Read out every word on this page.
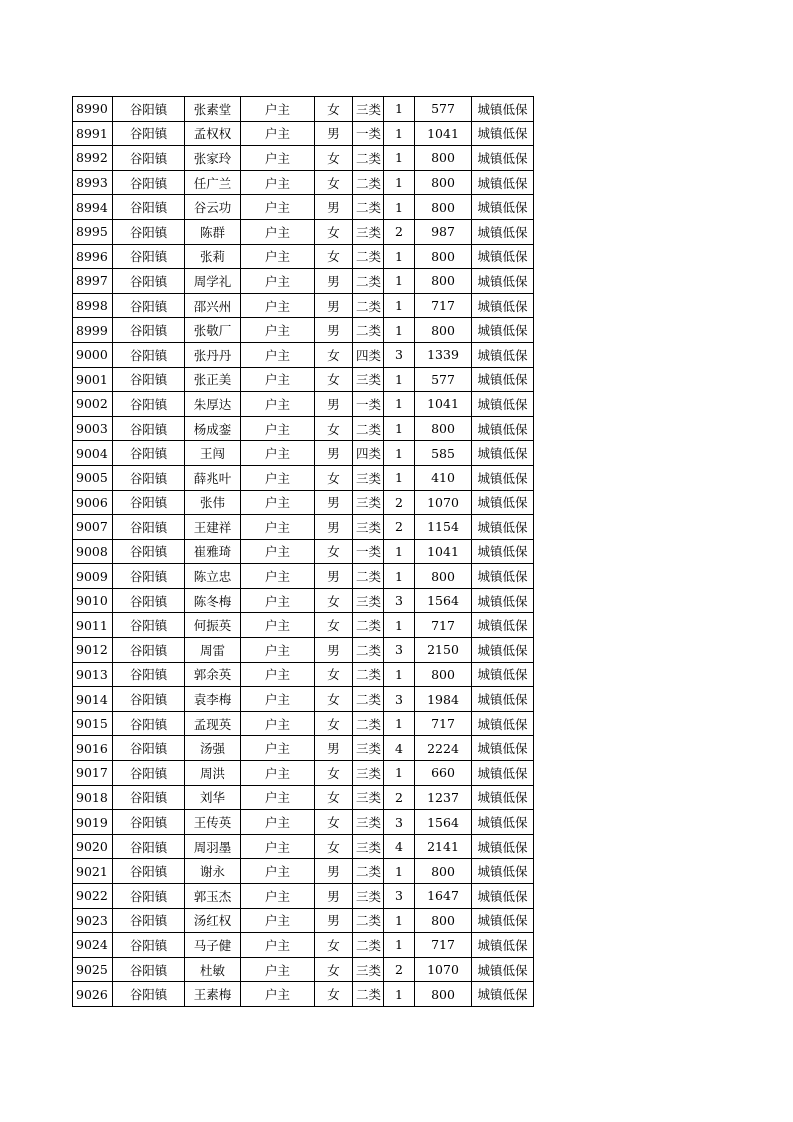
8990	谷阳镇	张素堂	户主	女	三类	1	577	城镇低保
8991	谷阳镇	孟权权	户主	男	一类	1	1041	城镇低保
8992	谷阳镇	张家玲	户主	女	二类	1	800	城镇低保
8993	谷阳镇	任广兰	户主	女	二类	1	800	城镇低保
8994	谷阳镇	谷云功	户主	男	二类	1	800	城镇低保
8995	谷阳镇	陈群	户主	女	三类	2	987	城镇低保
8996	谷阳镇	张莉	户主	女	二类	1	800	城镇低保
8997	谷阳镇	周学礼	户主	男	二类	1	800	城镇低保
8998	谷阳镇	邵兴州	户主	男	二类	1	717	城镇低保
8999	谷阳镇	张敬厂	户主	男	二类	1	800	城镇低保
9000	谷阳镇	张丹丹	户主	女	四类	3	1339	城镇低保
9001	谷阳镇	张正美	户主	女	三类	1	577	城镇低保
9002	谷阳镇	朱厚达	户主	男	一类	1	1041	城镇低保
9003	谷阳镇	杨成銮	户主	女	二类	1	800	城镇低保
9004	谷阳镇	王闯	户主	男	四类	1	585	城镇低保
9005	谷阳镇	薛兆叶	户主	女	三类	1	410	城镇低保
9006	谷阳镇	张伟	户主	男	三类	2	1070	城镇低保
9007	谷阳镇	王建祥	户主	男	三类	2	1154	城镇低保
9008	谷阳镇	崔雅琦	户主	女	一类	1	1041	城镇低保
9009	谷阳镇	陈立忠	户主	男	二类	1	800	城镇低保
9010	谷阳镇	陈冬梅	户主	女	三类	3	1564	城镇低保
9011	谷阳镇	何振英	户主	女	二类	1	717	城镇低保
9012	谷阳镇	周雷	户主	男	二类	3	2150	城镇低保
9013	谷阳镇	郭余英	户主	女	二类	1	800	城镇低保
9014	谷阳镇	袁李梅	户主	女	二类	3	1984	城镇低保
9015	谷阳镇	孟现英	户主	女	二类	1	717	城镇低保
9016	谷阳镇	汤强	户主	男	三类	4	2224	城镇低保
9017	谷阳镇	周洪	户主	女	三类	1	660	城镇低保
9018	谷阳镇	刘华	户主	女	三类	2	1237	城镇低保
9019	谷阳镇	王传英	户主	女	三类	3	1564	城镇低保
9020	谷阳镇	周羽墨	户主	女	三类	4	2141	城镇低保
9021	谷阳镇	谢永	户主	男	二类	1	800	城镇低保
9022	谷阳镇	郭玉杰	户主	男	三类	3	1647	城镇低保
9023	谷阳镇	汤红权	户主	男	二类	1	800	城镇低保
9024	谷阳镇	马子健	户主	女	二类	1	717	城镇低保
9025	谷阳镇	杜敏	户主	女	三类	2	1070	城镇低保
9026	谷阳镇	王素梅	户主	女	二类	1	800	城镇低保
